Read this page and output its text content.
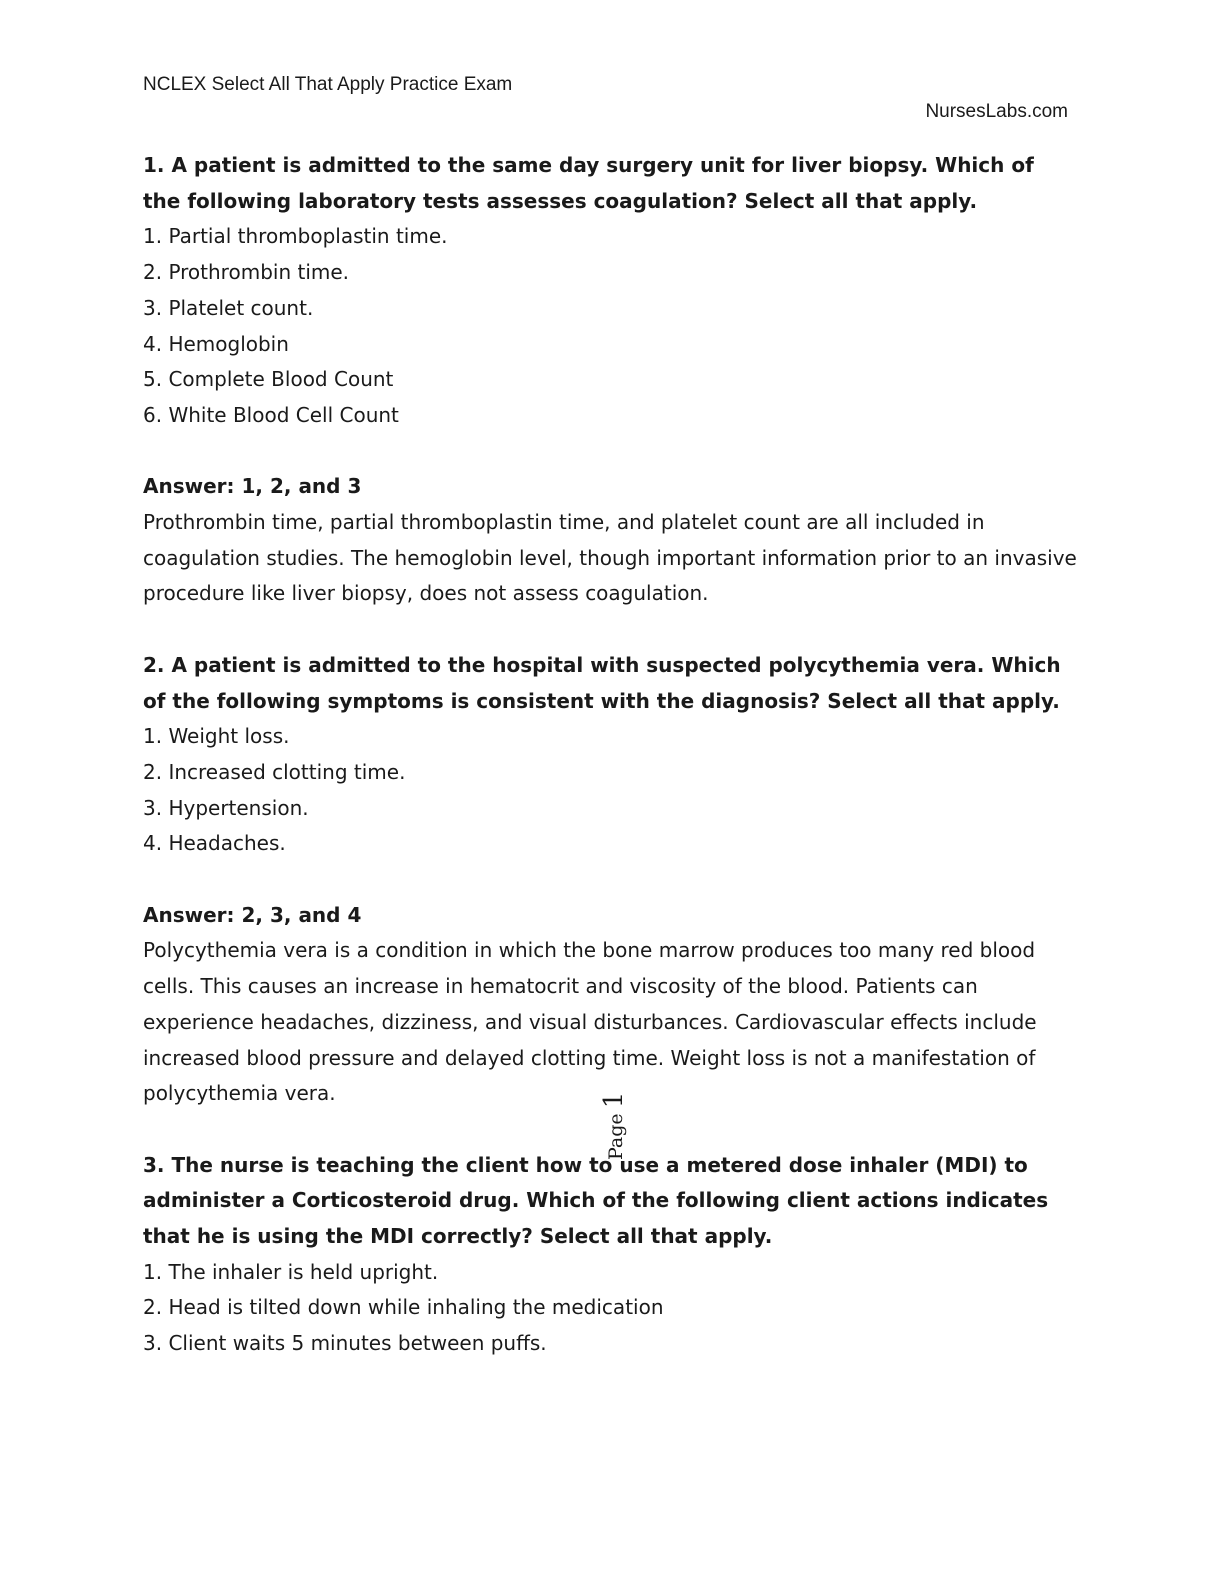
NCLEX Select All That Apply Practice Exam
NursesLabs.com

1. A patient is admitted to the same day surgery unit for liver biopsy. Which of the following laboratory tests assesses coagulation? Select all that apply.

1. Partial thromboplastin time.
2. Prothrombin time.
3. Platelet count.
4. Hemoglobin
5. Complete Blood Count
6. White Blood Cell Count

Answer: 1, 2, and 3

Prothrombin time, partial thromboplastin time, and platelet count are all included in coagulation studies. The hemoglobin level, though important information prior to an invasive procedure like liver biopsy, does not assess coagulation.

2. A patient is admitted to the hospital with suspected polycythemia vera. Which of the following symptoms is consistent with the diagnosis? Select all that apply.

1. Weight loss.
2. Increased clotting time.
3. Hypertension.
4. Headaches.

Answer: 2, 3, and 4

Polycythemia vera is a condition in which the bone marrow produces too many red blood cells. This causes an increase in hematocrit and viscosity of the blood. Patients can experience headaches, dizziness, and visual disturbances. Cardiovascular effects include increased blood pressure and delayed clotting time. Weight loss is not a manifestation of polycythemia vera.

3. The nurse is teaching the client how to use a metered dose inhaler (MDI) to administer a Corticosteroid drug. Which of the following client actions indicates that he is using the MDI correctly? Select all that apply.

1. The inhaler is held upright.
2. Head is tilted down while inhaling the medication
3. Client waits 5 minutes between puffs.
Page 1
